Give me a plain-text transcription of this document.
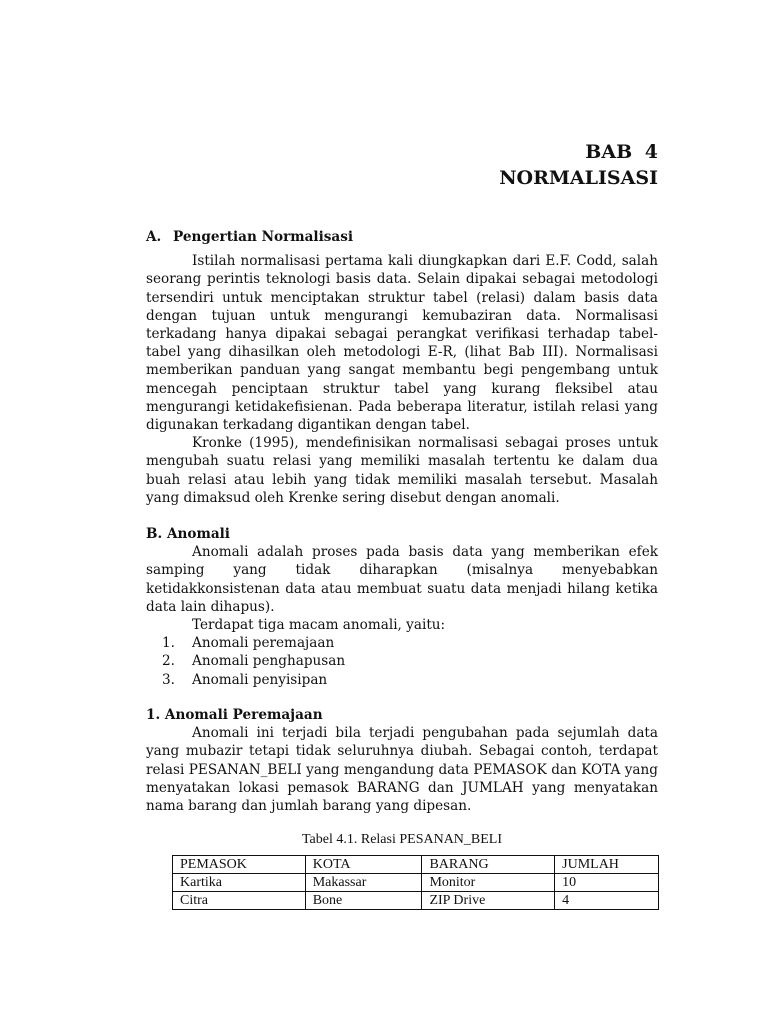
BAB 4
NORMALISASI

A. Pengertian Normalisasi

Istilah normalisasi pertama kali diungkapkan dari E.F. Codd, salah seorang perintis teknologi basis data. Selain dipakai sebagai metodologi tersendiri untuk menciptakan struktur tabel (relasi) dalam basis data dengan tujuan untuk mengurangi kemubaziran data. Normalisasi terkadang hanya dipakai sebagai perangkat verifikasi terhadap tabel-tabel yang dihasilkan oleh metodologi E-R, (lihat Bab III). Normalisasi memberikan panduan yang sangat membantu begi pengembang untuk mencegah penciptaan struktur tabel yang kurang fleksibel atau mengurangi ketidakefisienan. Pada beberapa literatur, istilah relasi yang digunakan terkadang digantikan dengan tabel.

Kronke (1995), mendefinisikan normalisasi sebagai proses untuk mengubah suatu relasi yang memiliki masalah tertentu ke dalam dua buah relasi atau lebih yang tidak memiliki masalah tersebut. Masalah yang dimaksud oleh Krenke sering disebut dengan anomali.

B. Anomali

Anomali adalah proses pada basis data yang memberikan efek samping yang tidak diharapkan (misalnya menyebabkan ketidakkonsistenan data atau membuat suatu data menjadi hilang ketika data lain dihapus).

Terdapat tiga macam anomali, yaitu:

1. Anomali peremajaan
2. Anomali penghapusan
3. Anomali penyisipan

1. Anomali Peremajaan

Anomali ini terjadi bila terjadi pengubahan pada sejumlah data yang mubazir tetapi tidak seluruhnya diubah. Sebagai contoh, terdapat relasi PESANAN_BELI yang mengandung data PEMASOK dan KOTA yang menyatakan lokasi pemasok BARANG dan JUMLAH yang menyatakan nama barang dan jumlah barang yang dipesan.

Tabel 4.1. Relasi PESANAN_BELI
PEMASOK	KOTA	BARANG	JUMLAH
Kartika	Makassar	Monitor	10
Citra	Bone	ZIP Drive	4
